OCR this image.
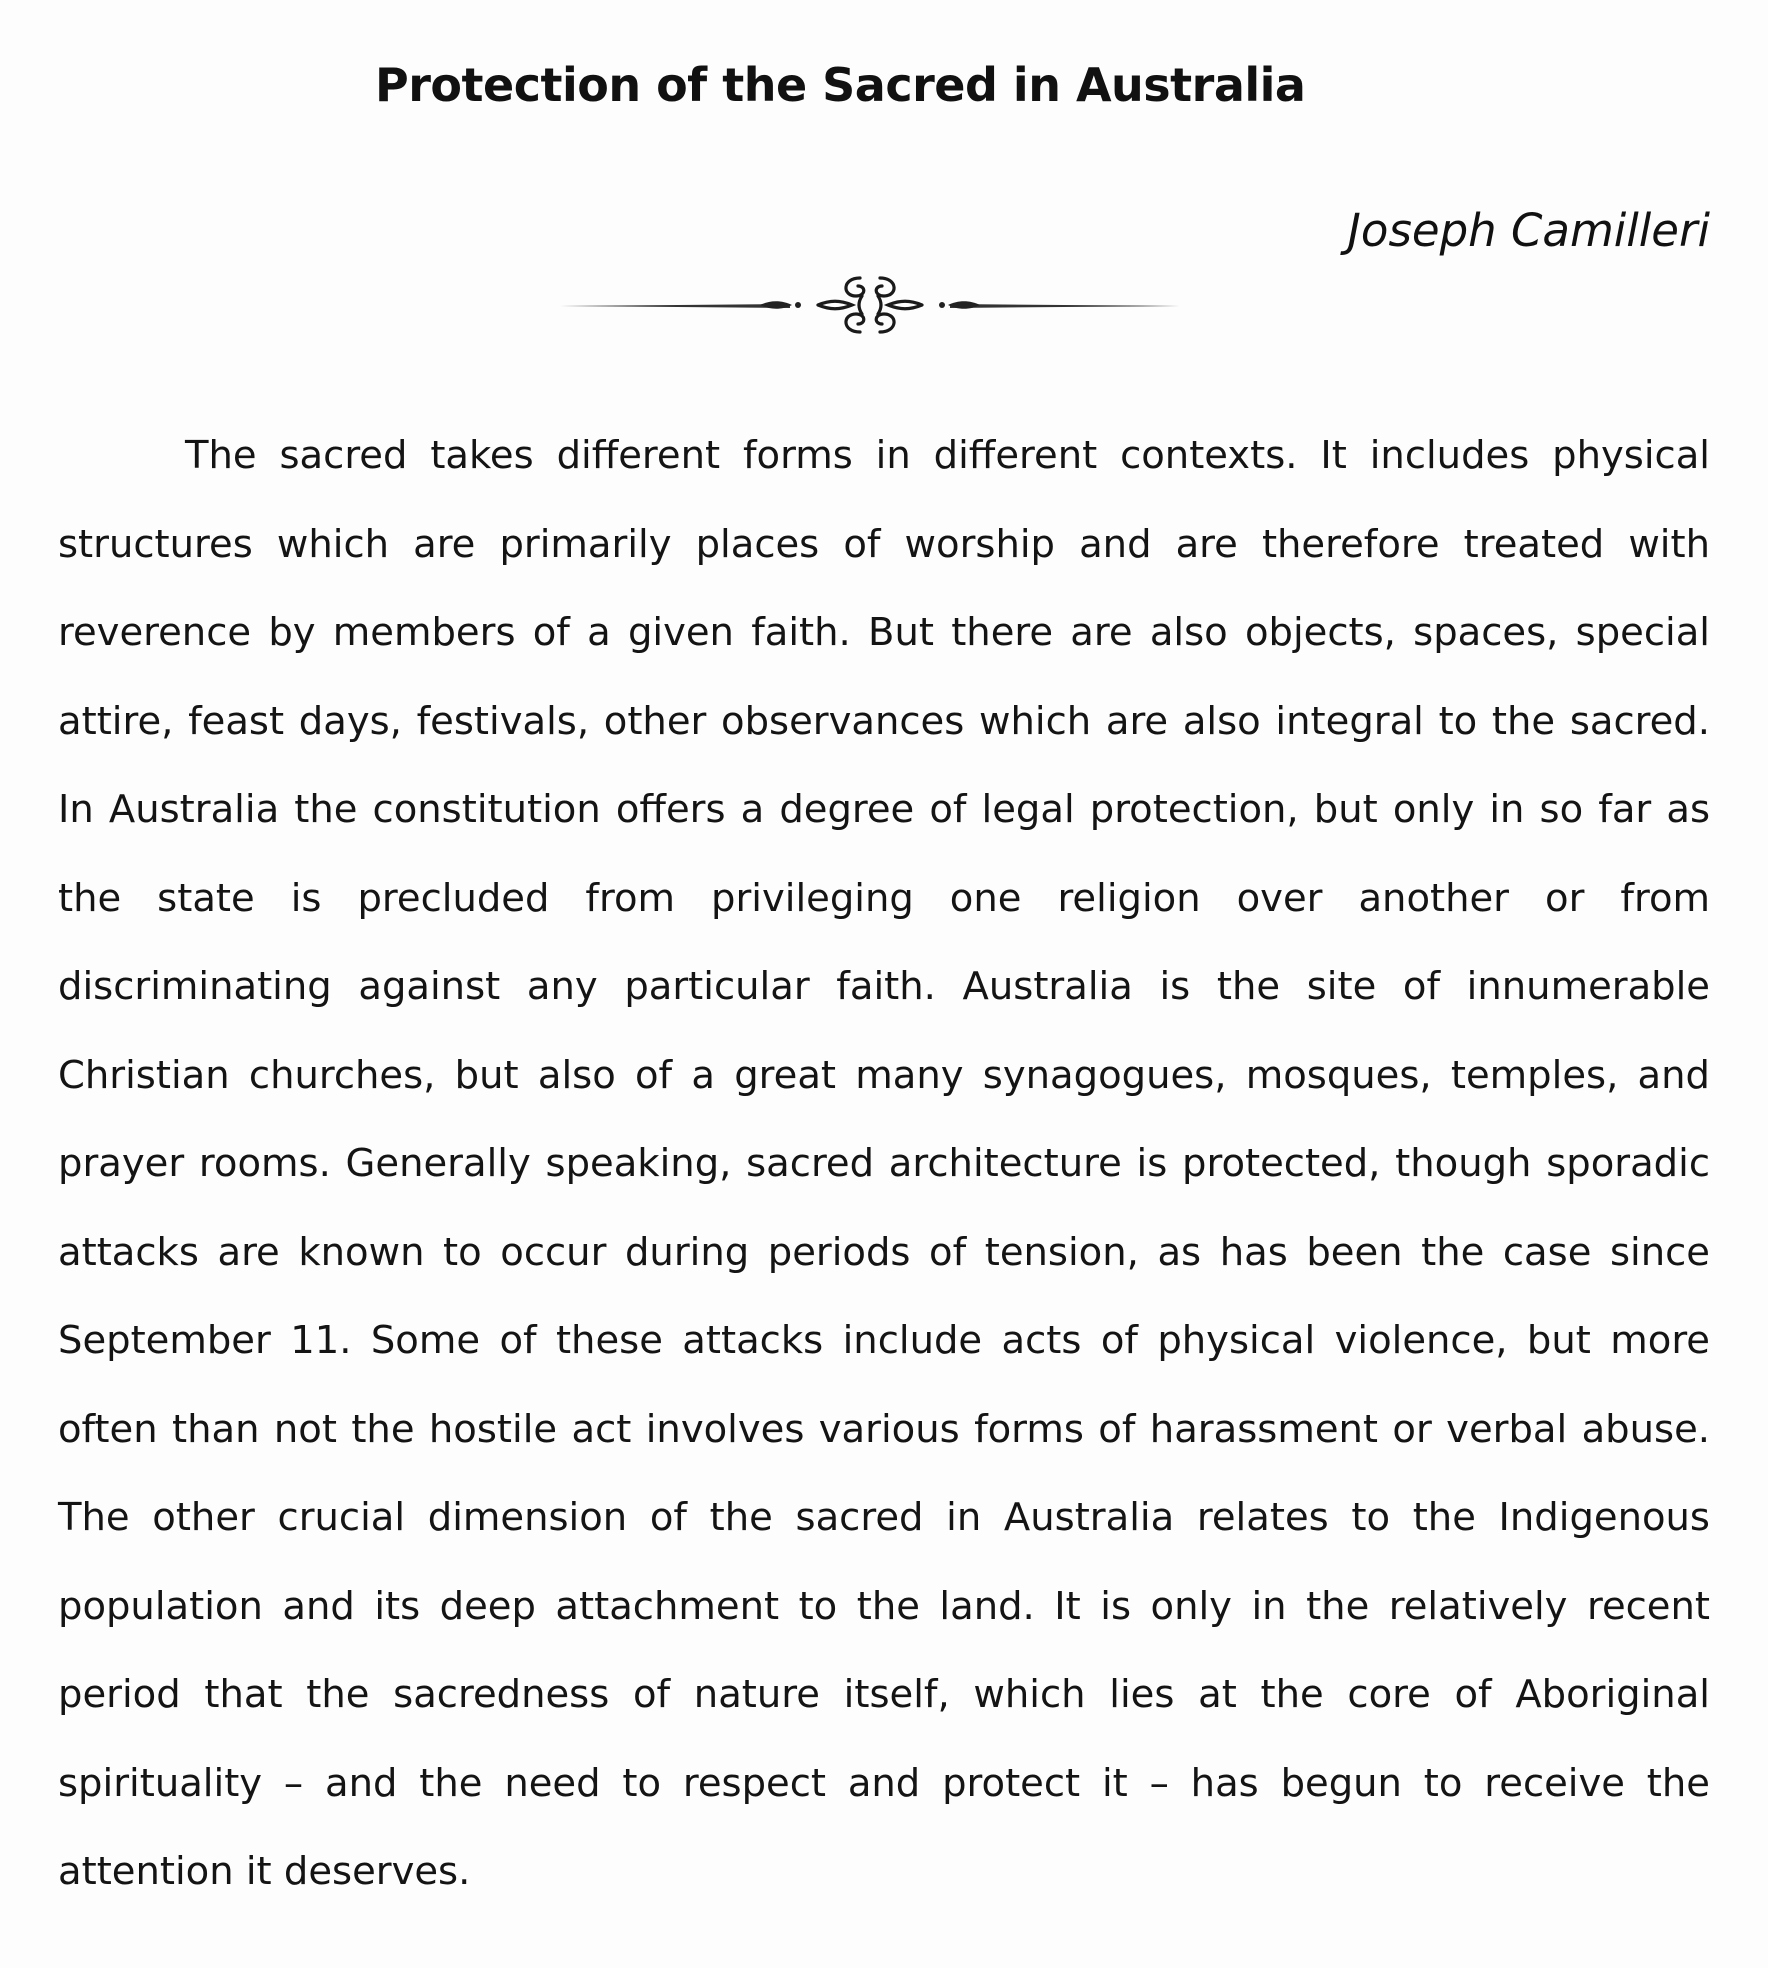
Protection of the Sacred in Australia
Joseph Camilleri

The sacred takes different forms in different contexts. It includes physical structures which are primarily places of worship and are therefore treated with reverence by members of a given faith. But there are also objects, spaces, special attire, feast days, festivals, other observances which are also integral to the sacred. In Australia the constitution offers a degree of legal protection, but only in so far as the state is precluded from privileging one religion over another or from discriminating against any particular faith. Australia is the site of innumerable Christian churches, but also of a great many synagogues, mosques, temples, and prayer rooms. Generally speaking, sacred architecture is protected, though sporadic attacks are known to occur during periods of tension, as has been the case since September 11. Some of these attacks include acts of physical violence, but more often than not the hostile act involves various forms of harassment or verbal abuse. The other crucial dimension of the sacred in Australia relates to the Indigenous population and its deep attachment to the land. It is only in the relatively recent period that the sacredness of nature itself, which lies at the core of Aboriginal spirituality – and the need to respect and protect it – has begun to receive the attention it deserves.
